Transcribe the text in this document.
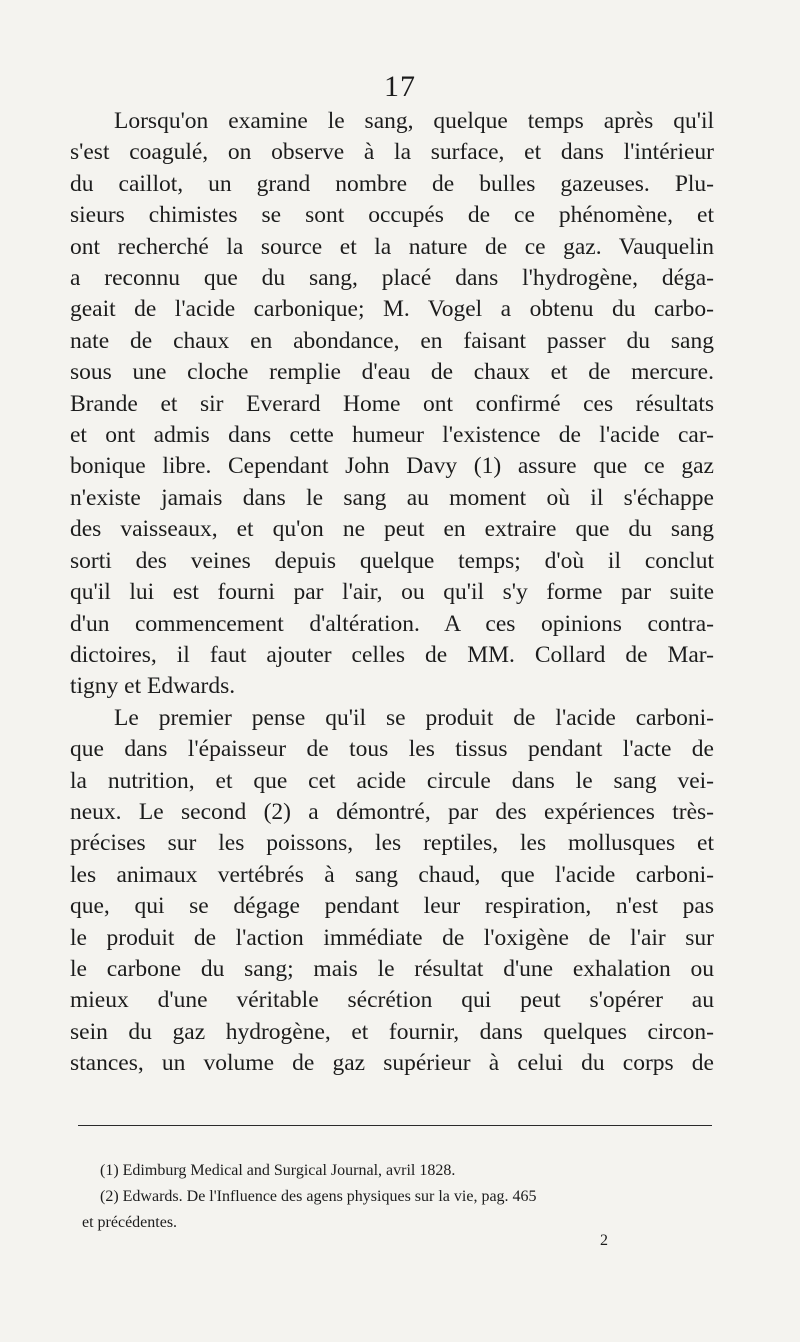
17

Lorsqu'on examine le sang, quelque temps après qu'il
s'est coagulé, on observe à la surface, et dans l'intérieur
du caillot, un grand nombre de bulles gazeuses. Plu-
sieurs chimistes se sont occupés de ce phénomène, et
ont recherché la source et la nature de ce gaz. Vauquelin
a reconnu que du sang, placé dans l'hydrogène, déga-
geait de l'acide carbonique; M. Vogel a obtenu du carbo-
nate de chaux en abondance, en faisant passer du sang
sous une cloche remplie d'eau de chaux et de mercure.
Brande et sir Everard Home ont confirmé ces résultats
et ont admis dans cette humeur l'existence de l'acide car-
bonique libre. Cependant John Davy (1) assure que ce gaz
n'existe jamais dans le sang au moment où il s'échappe
des vaisseaux, et qu'on ne peut en extraire que du sang
sorti des veines depuis quelque temps; d'où il conclut
qu'il lui est fourni par l'air, ou qu'il s'y forme par suite
d'un commencement d'altération. A ces opinions contra-
dictoires, il faut ajouter celles de MM. Collard de Mar-
tigny et Edwards.

Le premier pense qu'il se produit de l'acide carboni-
que dans l'épaisseur de tous les tissus pendant l'acte de
la nutrition, et que cet acide circule dans le sang vei-
neux. Le second (2) a démontré, par des expériences très-
précises sur les poissons, les reptiles, les mollusques et
les animaux vertébrés à sang chaud, que l'acide carboni-
que, qui se dégage pendant leur respiration, n'est pas
le produit de l'action immédiate de l'oxigène de l'air sur
le carbone du sang; mais le résultat d'une exhalation ou
mieux d'une véritable sécrétion qui peut s'opérer au
sein du gaz hydrogène, et fournir, dans quelques circon-
stances, un volume de gaz supérieur à celui du corps de

(1) Edimburg Medical and Surgical Journal, avril 1828.
(2) Edwards. De l'Influence des agens physiques sur la vie, pag. 465
et précédentes.
2
